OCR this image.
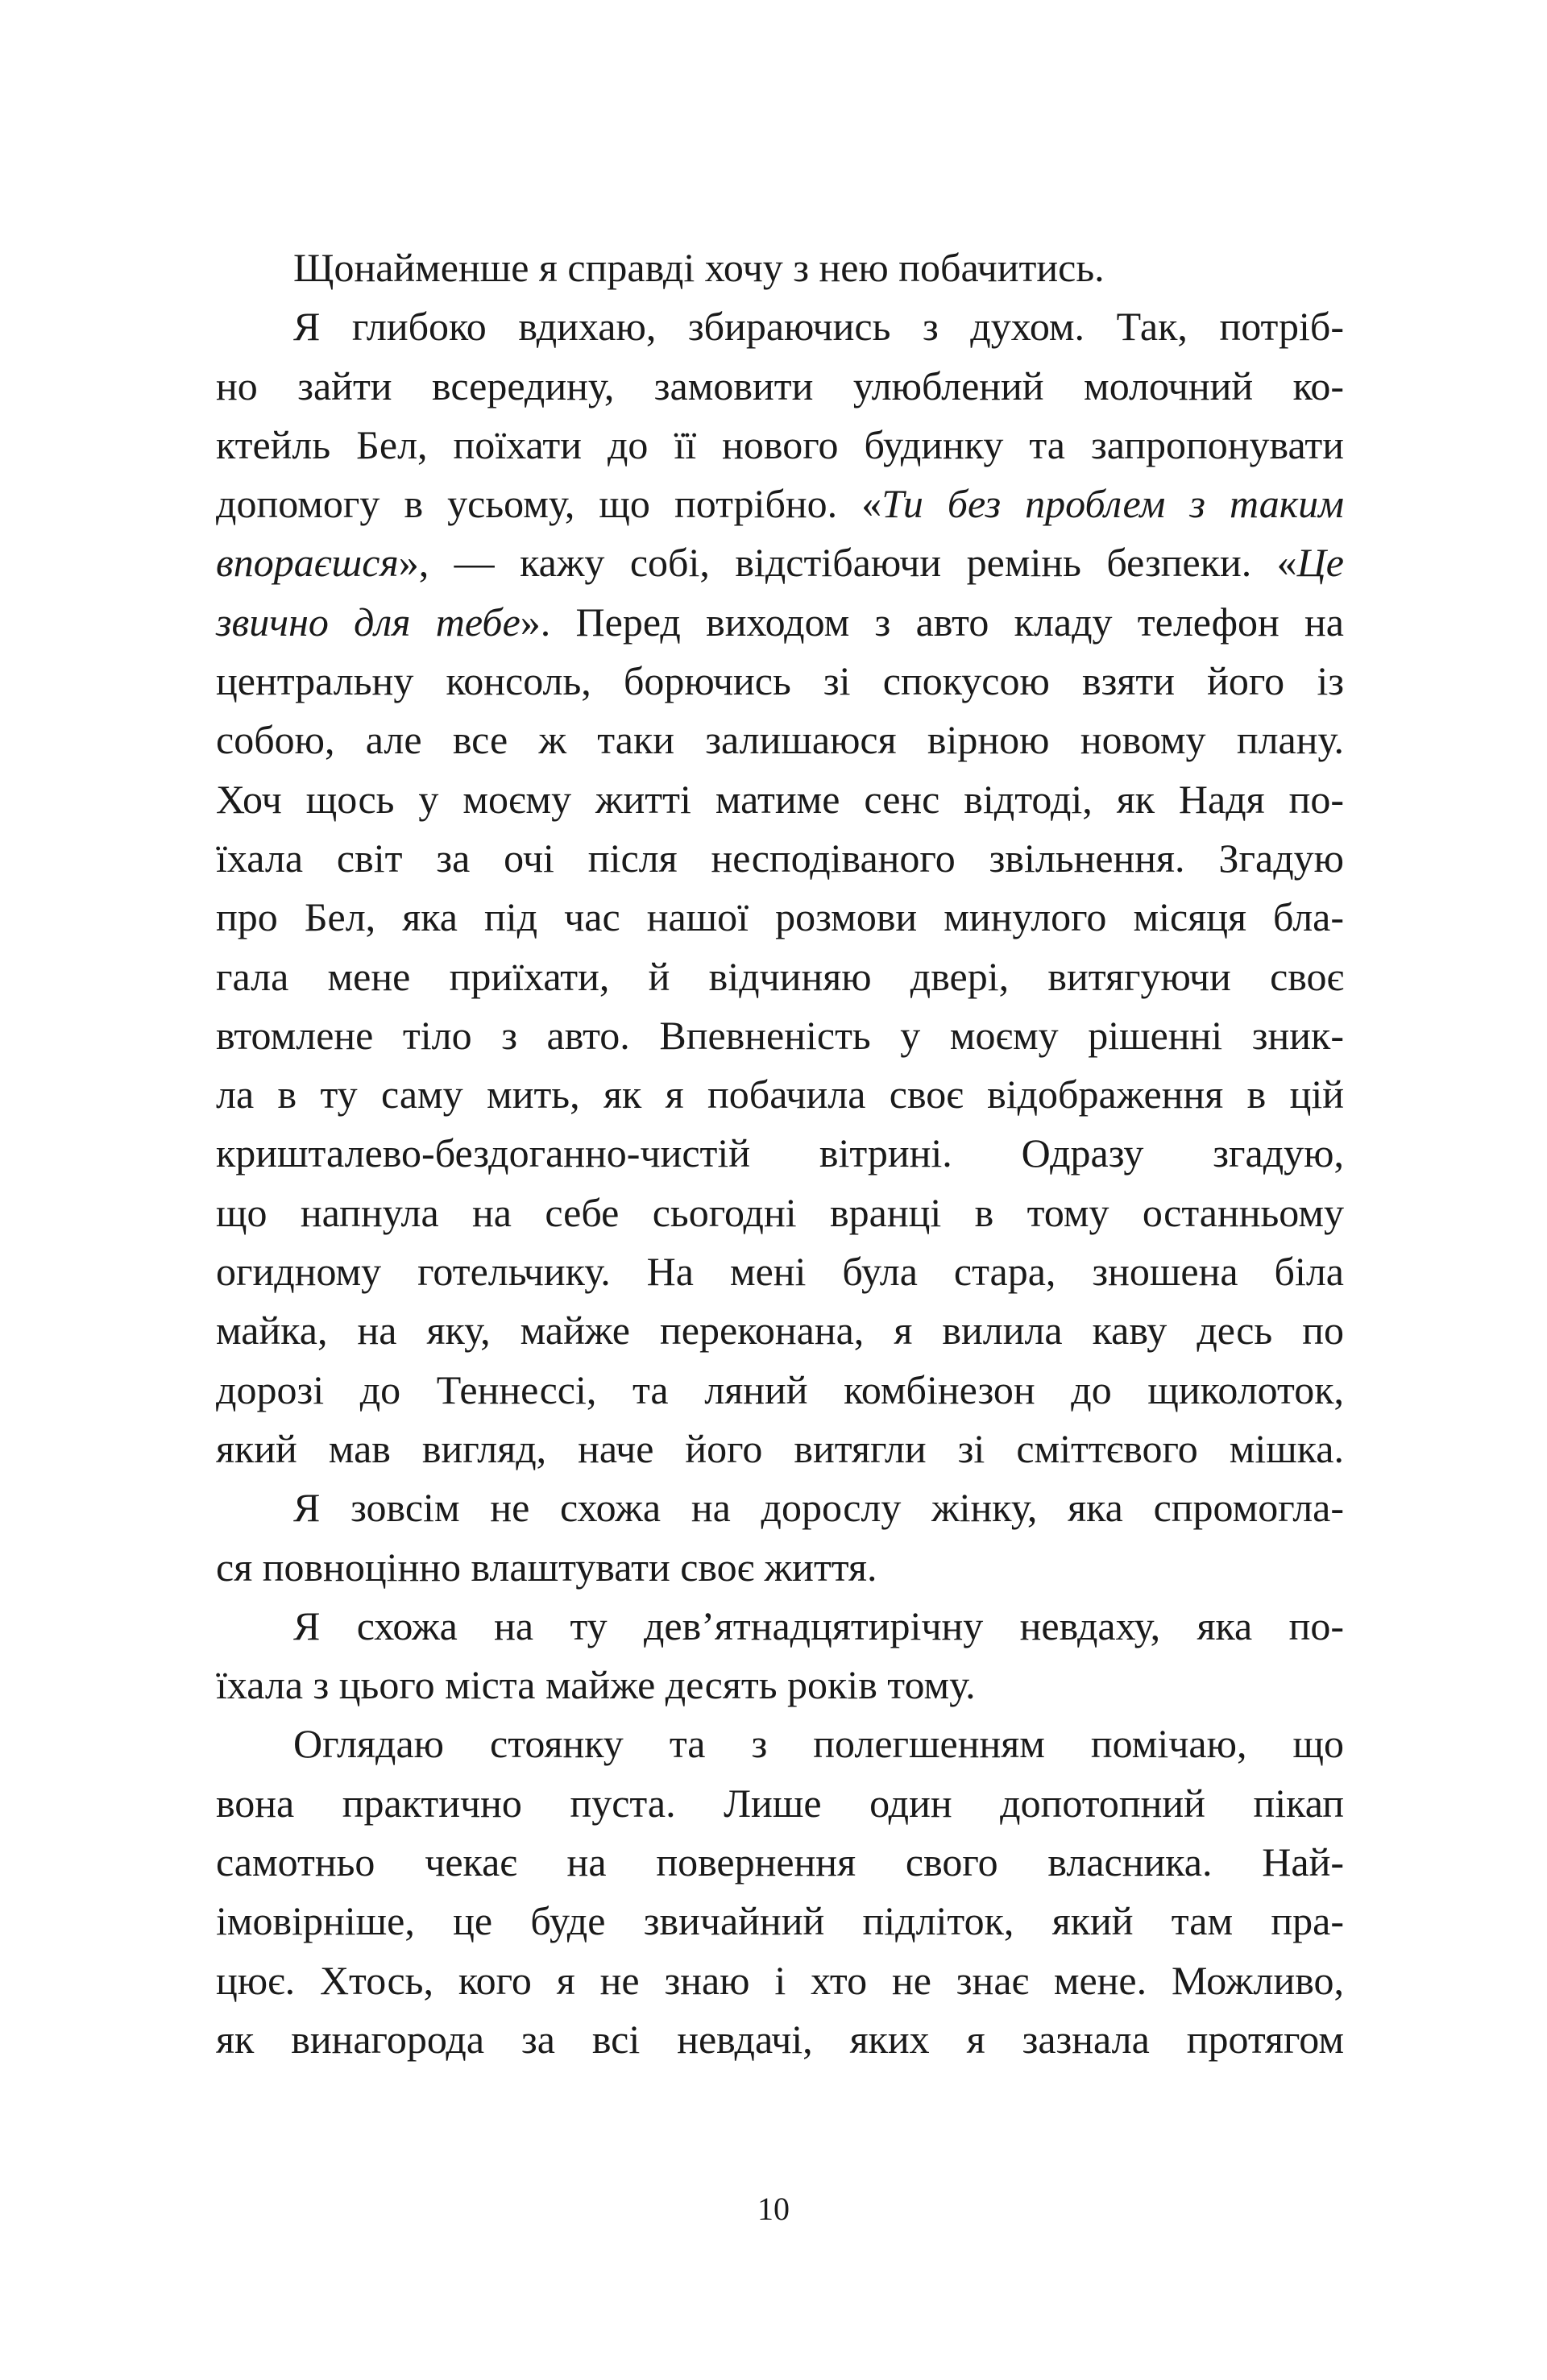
Щонайменше я справді хочу з нею побачитись.
Я глибоко вдихаю, збираючись з духом. Так, потріб-
но зайти всередину, замовити улюблений молочний ко-
ктейль Бел, поїхати до її нового будинку та запропонувати
допомогу в усьому, що потрібно. «Ти без проблем з таким
впораєшся», — кажу собі, відстібаючи ремінь безпеки. «Це
звично для тебе». Перед виходом з авто кладу телефон на
центральну консоль, борючись зі спокусою взяти його із
собою, але все ж таки залишаюся вірною новому плану.
Хоч щось у моєму житті матиме сенс відтоді, як Надя по-
їхала світ за очі після несподіваного звільнення. Згадую
про Бел, яка під час нашої розмови минулого місяця бла-
гала мене приїхати, й відчиняю двері, витягуючи своє
втомлене тіло з авто. Впевненість у моєму рішенні зник-
ла в ту саму мить, як я побачила своє відображення в цій
кришталево-бездоганно-чистій вітрині. Одразу згадую,
що напнула на себе сьогодні вранці в тому останньому
огидному готельчику. На мені була стара, зношена біла
майка, на яку, майже переконана, я вилила каву десь по
дорозі до Теннессі, та ляний комбінезон до щиколоток,
який мав вигляд, наче його витягли зі сміттєвого мішка.
Я зовсім не схожа на дорослу жінку, яка спромогла-
ся повноцінно влаштувати своє життя.
Я схожа на ту дев’ятнадцятирічну невдаху, яка по-
їхала з цього міста майже десять років тому.
Оглядаю стоянку та з полегшенням помічаю, що
вона практично пуста. Лише один допотопний пікап
самотньо чекає на повернення свого власника. Най-
імовірніше, це буде звичайний підліток, який там пра-
цює. Хтось, кого я не знаю і хто не знає мене. Можливо,
як винагорода за всі невдачі, яких я зазнала протягом
10
